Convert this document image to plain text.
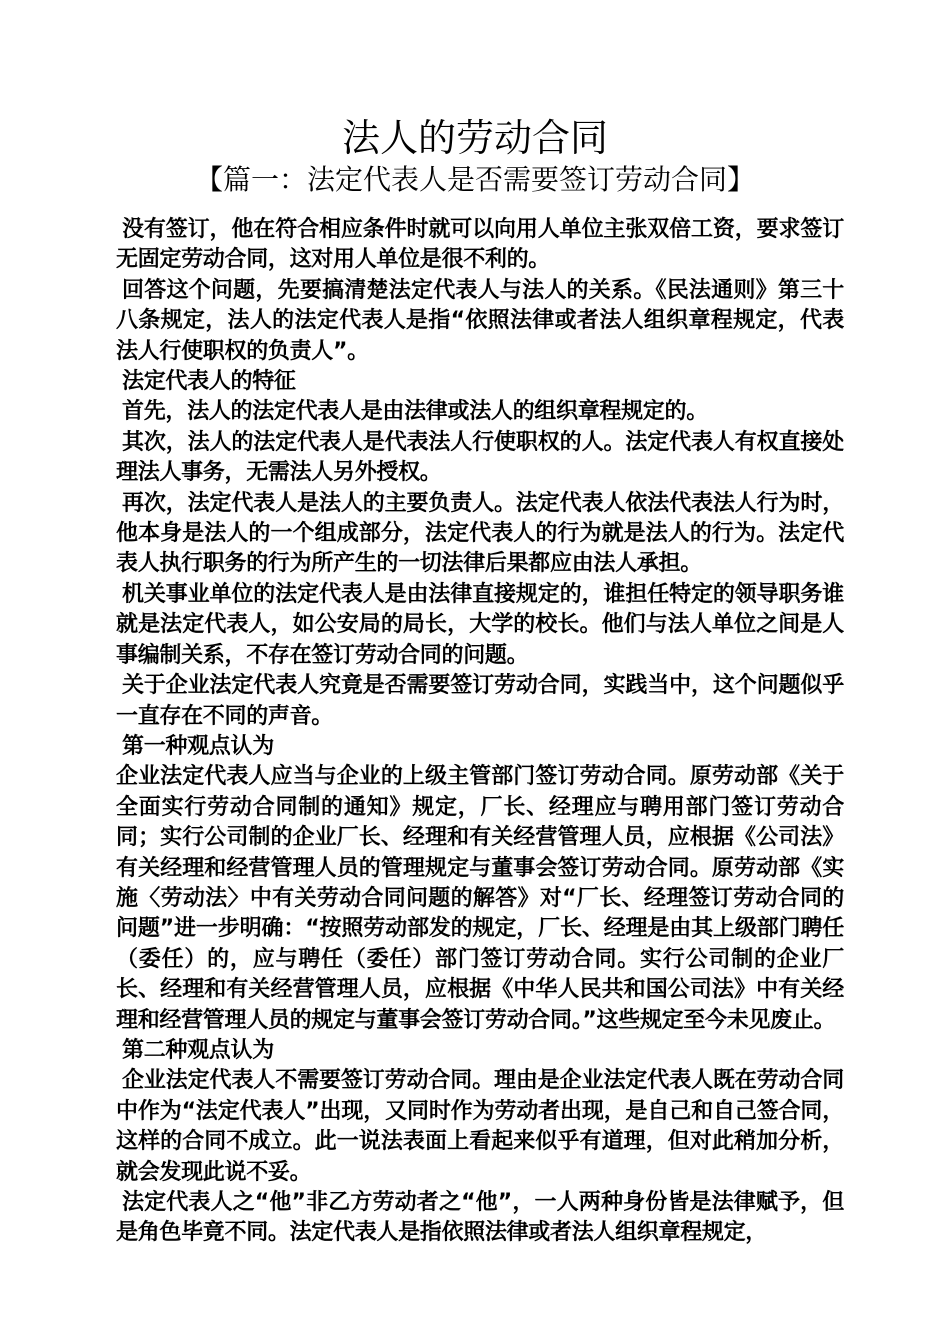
法人的劳动合同
【篇一：法定代表人是否需要签订劳动合同】

没有签订，他在符合相应条件时就可以向用人单位主张双倍工资，要求签订无固定劳动合同，这对用人单位是很不利的。

回答这个问题，先要搞清楚法定代表人与法人的关系。《民法通则》第三十八条规定，法人的法定代表人是指“依照法律或者法人组织章程规定，代表法人行使职权的负责人”。

法定代表人的特征

首先，法人的法定代表人是由法律或法人的组织章程规定的。

其次，法人的法定代表人是代表法人行使职权的人。法定代表人有权直接处理法人事务，无需法人另外授权。

再次，法定代表人是法人的主要负责人。法定代表人依法代表法人行为时，他本身是法人的一个组成部分，法定代表人的行为就是法人的行为。法定代表人执行职务的行为所产生的一切法律后果都应由法人承担。

机关事业单位的法定代表人是由法律直接规定的，谁担任特定的领导职务谁就是法定代表人，如公安局的局长，大学的校长。他们与法人单位之间是人事编制关系，不存在签订劳动合同的问题。

关于企业法定代表人究竟是否需要签订劳动合同，实践当中，这个问题似乎一直存在不同的声音。

第一种观点认为

企业法定代表人应当与企业的上级主管部门签订劳动合同。原劳动部《关于全面实行劳动合同制的通知》规定，厂长、经理应与聘用部门签订劳动合同；实行公司制的企业厂长、经理和有关经营管理人员，应根据《公司法》有关经理和经营管理人员的管理规定与董事会签订劳动合同。原劳动部《实施〈劳动法〉中有关劳动合同问题的解答》对“厂长、经理签订劳动合同的问题”进一步明确：“按照劳动部发的规定，厂长、经理是由其上级部门聘任（委任）的，应与聘任（委任）部门签订劳动合同。实行公司制的企业厂长、经理和有关经营管理人员，应根据《中华人民共和国公司法》中有关经理和经营管理人员的规定与董事会签订劳动合同。”这些规定至今未见废止。

第二种观点认为

企业法定代表人不需要签订劳动合同。理由是企业法定代表人既在劳动合同中作为“法定代表人”出现，又同时作为劳动者出现，是自己和自己签合同，这样的合同不成立。此一说法表面上看起来似乎有道理，但对此稍加分析，就会发现此说不妥。

法定代表人之“他”非乙方劳动者之“他”，一人两种身份皆是法律赋予，但是角色毕竟不同。法定代表人是指依照法律或者法人组织章程规定，
